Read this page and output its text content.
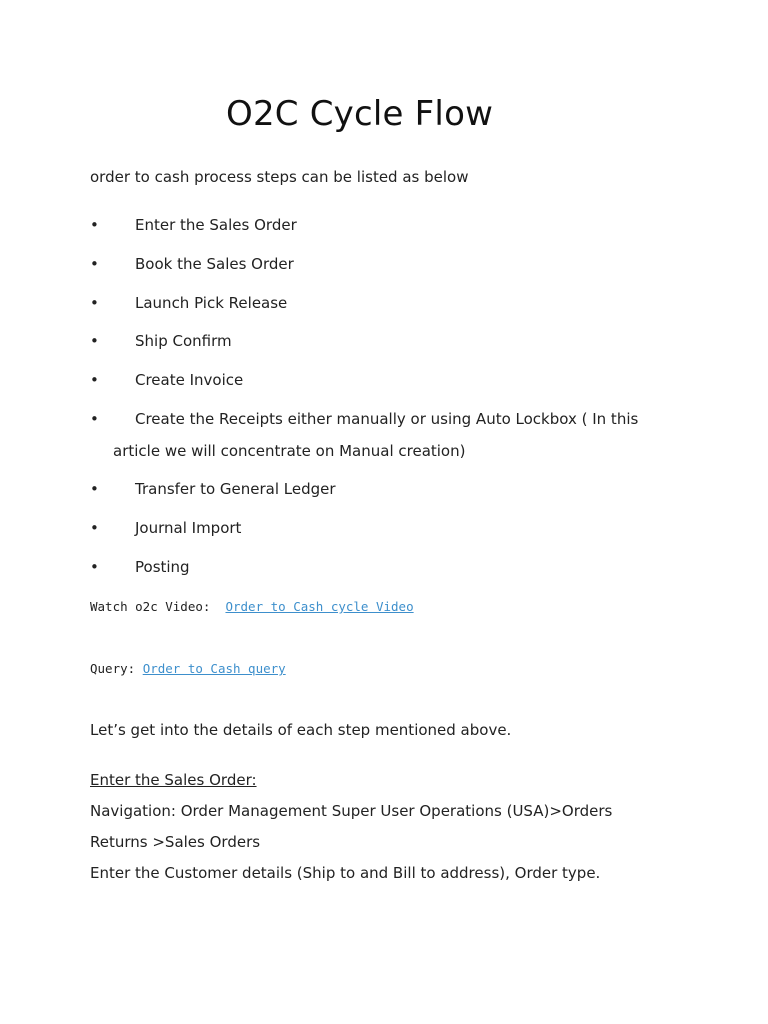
O2C Cycle Flow

order to cash process steps can be listed as below

• Enter the Sales Order
• Book the Sales Order
• Launch Pick Release
• Ship Confirm
• Create Invoice
• Create the Receipts either manually or using Auto Lockbox ( In this
• Transfer to General Ledger
• Journal Import
• Posting
article we will concentrate on Manual creation)
Watch o2c Video:  Order to Cash cycle Video
Query: Order to Cash query

Let’s get into the details of each step mentioned above.

Enter the Sales Order:

Navigation: Order Management Super User Operations (USA)>Orders

Returns >Sales Orders

Enter the Customer details (Ship to and Bill to address), Order type.
